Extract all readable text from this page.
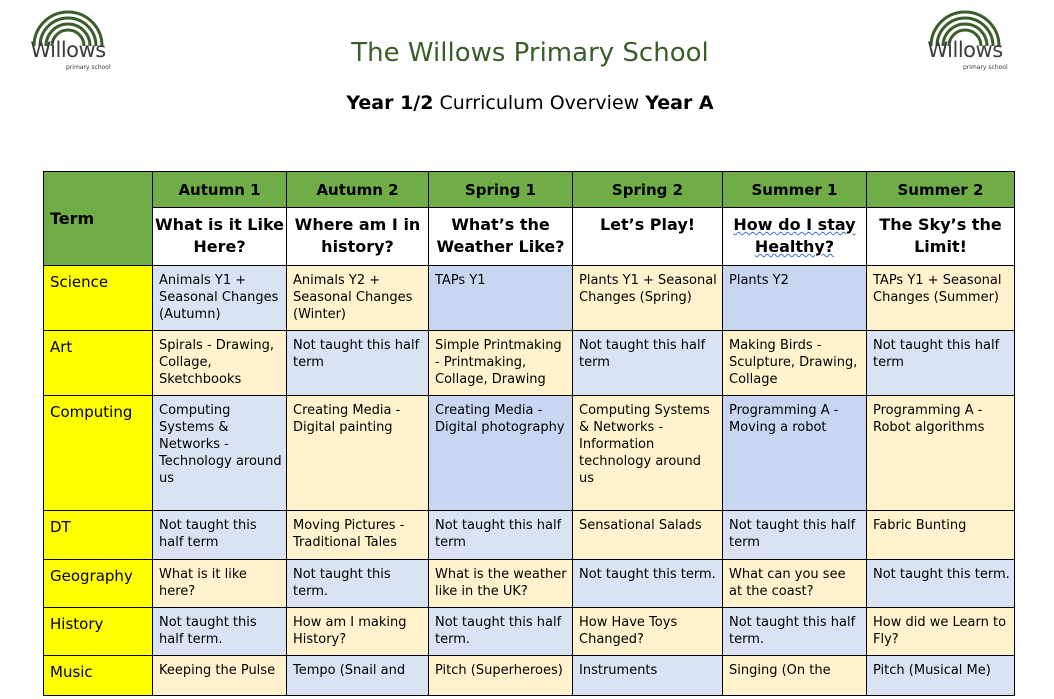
Willows
primary school
Willows
primary school
The Willows Primary School
Year 1/2 Curriculum Overview Year A
Term	Autumn 1	Autumn 2	Spring 1	Spring 2	Summer 1	Summer 2
	What is it Like Here?	Where am I in history?	What’s the Weather Like?	Let’s Play!	How do I stay Healthy?	The Sky’s the Limit!
Science	Animals Y1 + Seasonal Changes (Autumn)	Animals Y2 + Seasonal Changes (Winter)	TAPs Y1	Plants Y1 + Seasonal Changes (Spring)	Plants Y2	TAPs Y1 + Seasonal Changes (Summer)
Art	Spirals - Drawing, Collage, Sketchbooks	Not taught this half term	Simple Printmaking - Printmaking, Collage, Drawing	Not taught this half term	Making Birds - Sculpture, Drawing, Collage	Not taught this half term
Computing	Computing Systems & Networks - Technology around us	Creating Media - Digital painting	Creating Media - Digital photography	Computing Systems & Networks - Information technology around us	Programming A - Moving a robot	Programming A - Robot algorithms
DT	Not taught this half term	Moving Pictures - Traditional Tales	Not taught this half term	Sensational Salads	Not taught this half term	Fabric Bunting
Geography	What is it like here?	Not taught this term.	What is the weather like in the UK?	Not taught this term.	What can you see at the coast?	Not taught this term.
History	Not taught this half term.	How am I making History?	Not taught this half term.	How Have Toys Changed?	Not taught this half term.	How did we Learn to Fly?
Music	Keeping the Pulse	Tempo (Snail and	Pitch (Superheroes)	Instruments	Singing (On the	Pitch (Musical Me)
